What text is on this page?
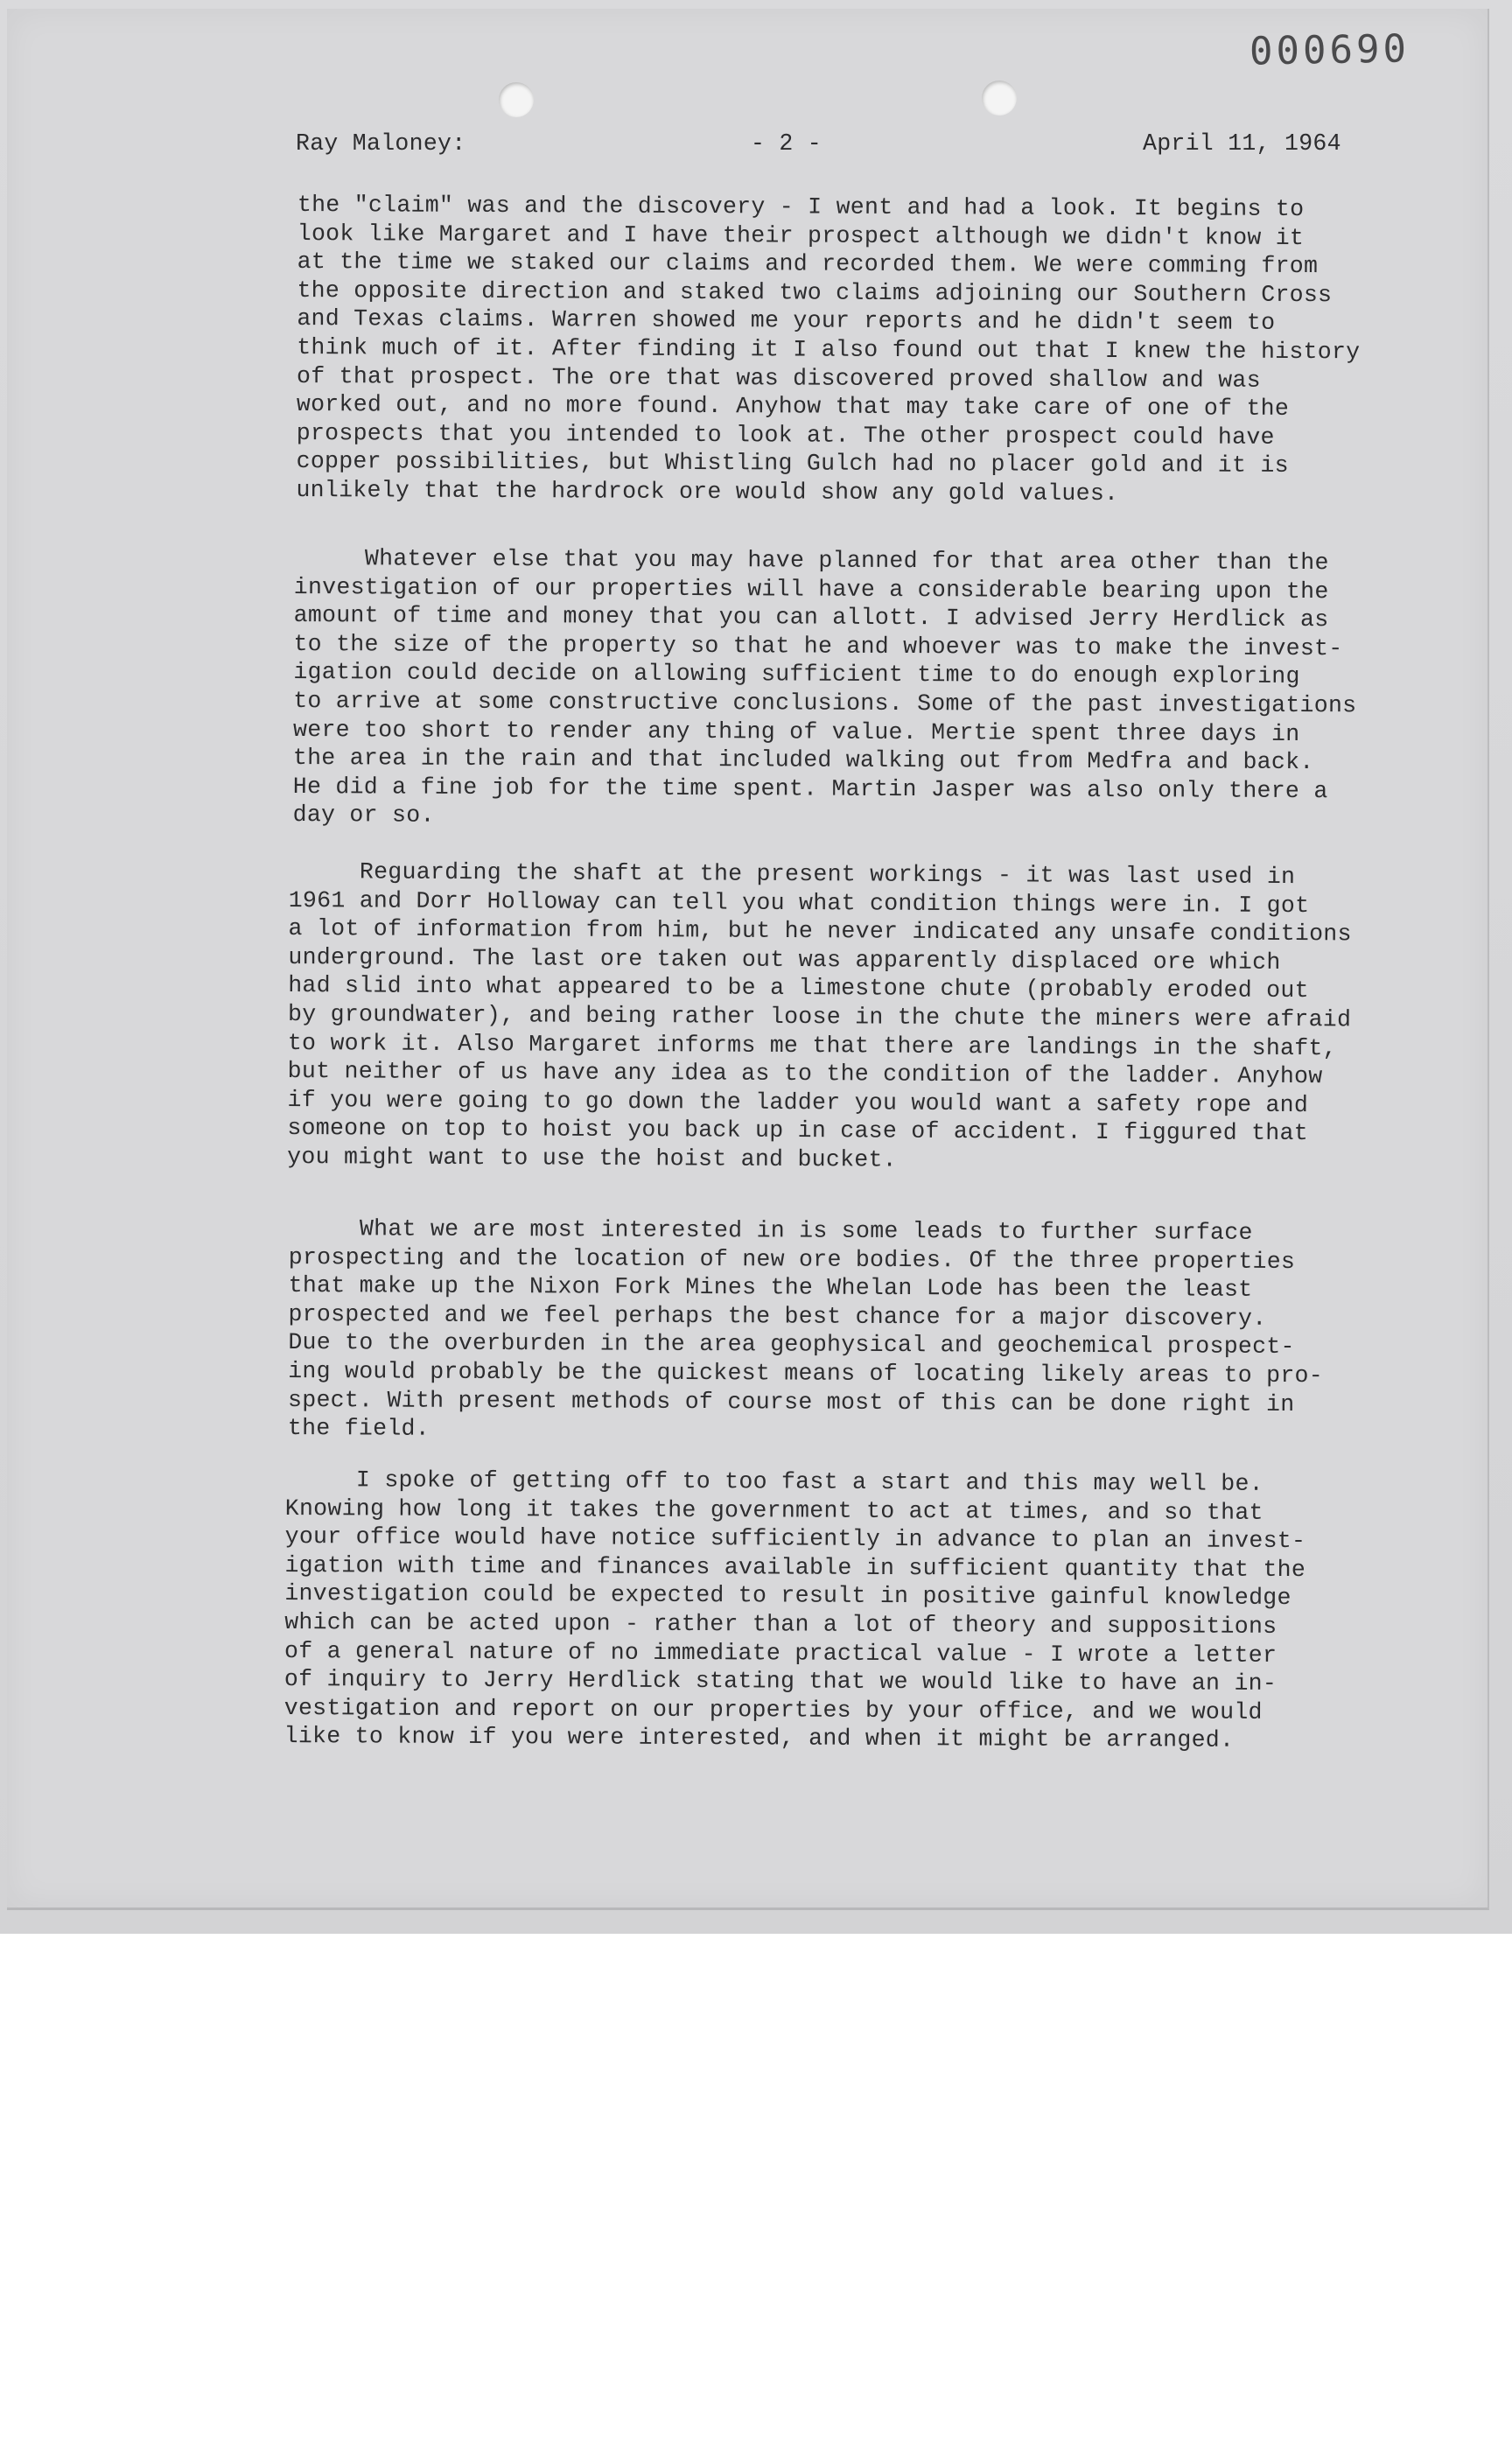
000690
Ray Maloney:	- 2 -	April 11, 1964

the "claim" was and the discovery - I went and had a look. It begins to
look like Margaret and I have their prospect although we didn't know it
at the time we staked our claims and recorded them. We were comming from
the opposite direction and staked two claims adjoining our Southern Cross
and Texas claims. Warren showed me your reports and he didn't seem to
think much of it. After finding it I also found out that I knew the history
of that prospect. The ore that was discovered proved shallow and was
worked out, and no more found. Anyhow that may take care of one of the
prospects that you intended to look at. The other prospect could have
copper possibilities, but Whistling Gulch had no placer gold and it is
unlikely that the hardrock ore would show any gold values.

Whatever else that you may have planned for that area other than the
investigation of our properties will have a considerable bearing upon the
amount of time and money that you can allott. I advised Jerry Herdlick as
to the size of the property so that he and whoever was to make the invest-
igation could decide on allowing sufficient time to do enough exploring
to arrive at some constructive conclusions. Some of the past investigations
were too short to render any thing of value. Mertie spent three days in
the area in the rain and that included walking out from Medfra and back.
He did a fine job for the time spent. Martin Jasper was also only there a
day or so.

Reguarding the shaft at the present workings - it was last used in
1961 and Dorr Holloway can tell you what condition things were in. I got
a lot of information from him, but he never indicated any unsafe conditions
underground. The last ore taken out was apparently displaced ore which
had slid into what appeared to be a limestone chute (probably eroded out
by groundwater), and being rather loose in the chute the miners were afraid
to work it. Also Margaret informs me that there are landings in the shaft,
but neither of us have any idea as to the condition of the ladder. Anyhow
if you were going to go down the ladder you would want a safety rope and
someone on top to hoist you back up in case of accident. I figgured that
you might want to use the hoist and bucket.

What we are most interested in is some leads to further surface
prospecting and the location of new ore bodies. Of the three properties
that make up the Nixon Fork Mines the Whelan Lode has been the least
prospected and we feel perhaps the best chance for a major discovery.
Due to the overburden in the area geophysical and geochemical prospect-
ing would probably be the quickest means of locating likely areas to pro-
spect. With present methods of course most of this can be done right in
the field.

I spoke of getting off to too fast a start and this may well be.
Knowing how long it takes the government to act at times, and so that
your office would have notice sufficiently in advance to plan an invest-
igation with time and finances available in sufficient quantity that the
investigation could be expected to result in positive gainful knowledge
which can be acted upon - rather than a lot of theory and suppositions
of a general nature of no immediate practical value - I wrote a letter
of inquiry to Jerry Herdlick stating that we would like to have an in-
vestigation and report on our properties by your office, and we would
like to know if you were interested, and when it might be arranged.
